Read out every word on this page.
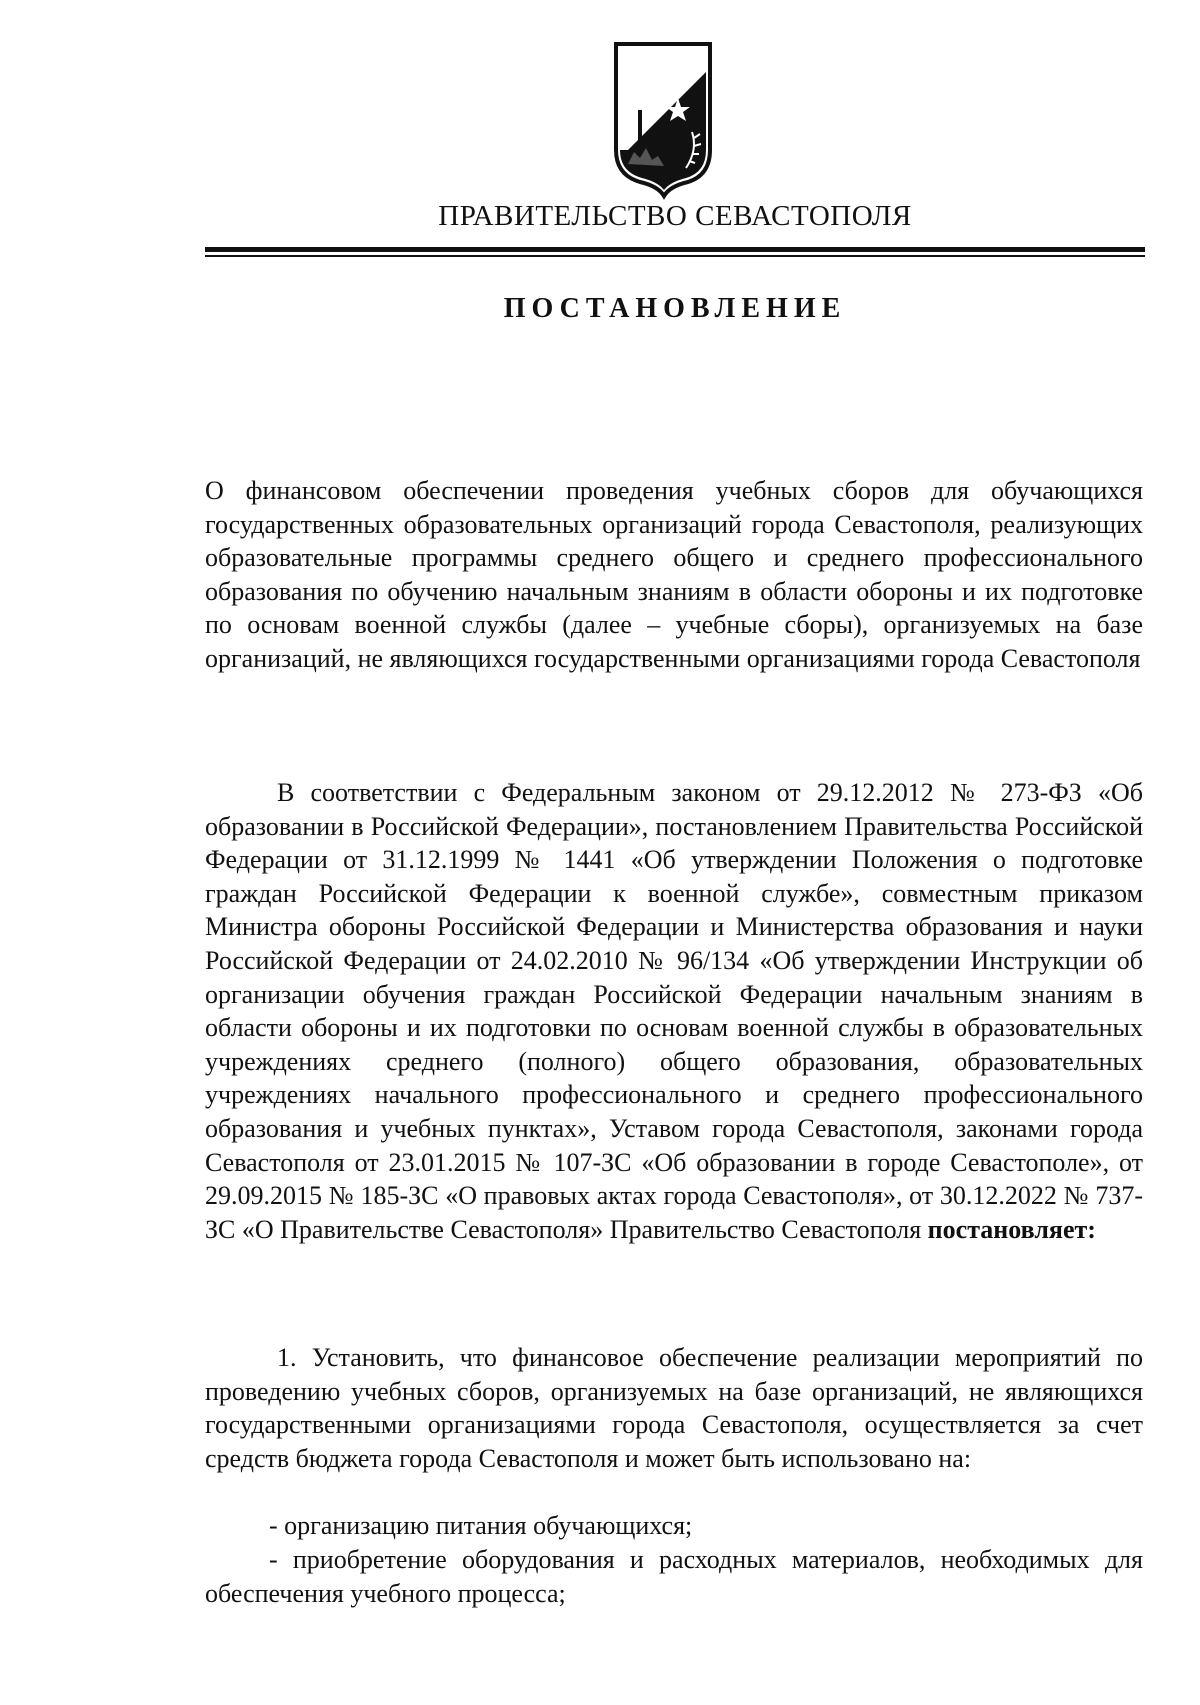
ПРАВИТЕЛЬСТВО СЕВАСТОПОЛЯ
ПОСТАНОВЛЕНИЕ
О финансовом обеспечении проведения учебных сборов для обучающихся государственных образовательных организаций города Севастополя, реализующих образовательные программы среднего общего и среднего профессионального образования по обучению начальным знаниям в области обороны и их подготовке по основам военной службы (далее – учебные сборы), организуемых на базе организаций, не являющихся государственными организациями города Севастополя
В соответствии с Федеральным законом от 29.12.2012 № 273-ФЗ «Об образовании в Российской Федерации», постановлением Правительства Российской Федерации от 31.12.1999 № 1441 «Об утверждении Положения о подготовке граждан Российской Федерации к военной службе», совместным приказом Министра обороны Российской Федерации и Министерства образования и науки Российской Федерации от 24.02.2010 № 96/134 «Об утверждении Инструкции об организации обучения граждан Российской Федерации начальным знаниям в области обороны и их подготовки по основам военной службы в образовательных учреждениях среднего (полного) общего образования, образовательных учреждениях начального профессионального и среднего профессионального образования и учебных пунктах», Уставом города Севастополя, законами города Севастополя от 23.01.2015 № 107-ЗС «Об образовании в городе Севастополе», от 29.09.2015 № 185-ЗС «О правовых актах города Севастополя», от 30.12.2022 № 737-ЗС «О Правительстве Севастополя» Правительство Севастополя постановляет:
1. Установить, что финансовое обеспечение реализации мероприятий по проведению учебных сборов, организуемых на базе организаций, не являющихся государственными организациями города Севастополя, осуществляется за счет средств бюджета города Севастополя и может быть использовано на:
- организацию питания обучающихся;
- приобретение оборудования и расходных материалов, необходимых для обеспечения учебного процесса;
